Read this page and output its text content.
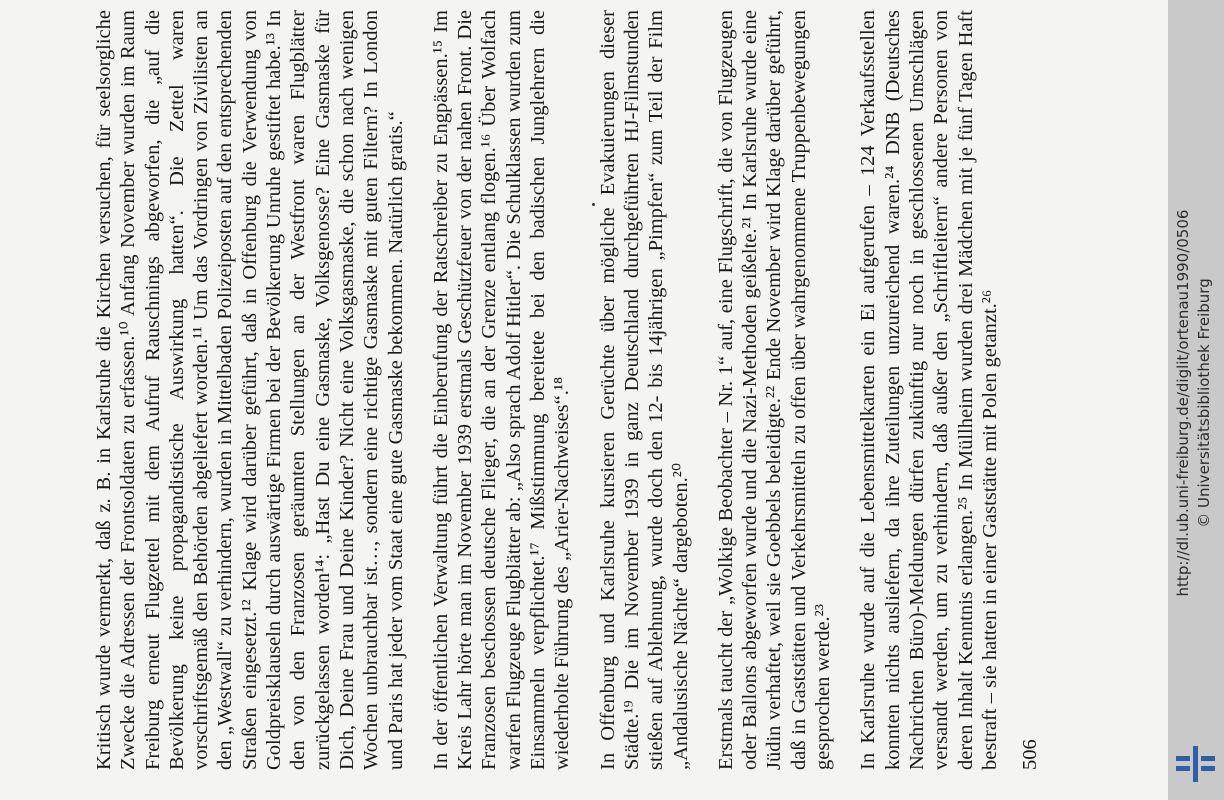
Kritisch wurde vermerkt, daß z. B. in Karlsruhe die Kirchen versuchen, für seelsorgliche Zwecke die Adressen der Frontsoldaten zu erfassen.¹⁰ Anfang November wurden im Raum Freiburg erneut Flugzettel mit dem Aufruf Rauschnings abgeworfen, die „auf die Bevölkerung keine propagandistische Auswirkung hatten“. Die Zettel waren vorschriftsgemäß den Behörden abgeliefert worden.¹¹ Um das Vordringen von Zivilisten an den „Westwall“ zu verhindern, wurden in Mittelbaden Polizeiposten auf den entsprechenden Straßen eingesetzt.¹² Klage wird darüber geführt, daß in Offenburg die Verwendung von Goldpreisklauseln durch auswärtige Firmen bei der Bevölkerung Unruhe gestiftet habe.¹³ In den von den Franzosen geräumten Stellungen an der Westfront waren Flugblätter zurückgelassen worden¹⁴: „Hast Du eine Gasmaske, Volksgenosse? Eine Gasmaske für Dich, Deine Frau und Deine Kinder? Nicht eine Volksgasmaske, die schon nach wenigen Wochen unbrauchbar ist…, sondern eine richtige Gasmaske mit guten Filtern? In London und Paris hat jeder vom Staat eine gute Gasmaske bekommen. Natürlich gratis.“ In der öffentlichen Verwaltung führt die Einberufung der Ratschreiber zu Engpässen.¹⁵ Im Kreis Lahr hörte man im November 1939 erstmals Geschützfeuer von der nahen Front. Die Franzosen beschossen deutsche Flieger, die an der Grenze entlang flogen.¹⁶ Über Wolfach warfen Flugzeuge Flugblätter ab: „Also sprach Adolf Hitler“. Die Schulklassen wurden zum Einsammeln verpflichtet.¹⁷ Mißstimmung bereitete bei den badischen Junglehrern die wiederholte Führung des „Arier-Nachweises“.¹⁸ In Offenburg und Karlsruhe kursieren Gerüchte über mögliche Evakuierungen dieser Städte.¹⁹ Die im November 1939 in ganz Deutschland durchgeführten HJ-Filmstunden stießen auf Ablehnung, wurde doch den 12- bis 14jährigen „Pimpfen“ zum Teil der Film „Andalusische Nächte“ dargeboten.²⁰ Erstmals taucht der „Wolkige Beobachter – Nr. 1“ auf, eine Flugschrift, die von Flugzeugen oder Ballons abgeworfen wurde und die Nazi-Methoden geißelte.²¹ In Karlsruhe wurde eine Jüdin verhaftet, weil sie Goebbels beleidigte.²² Ende November wird Klage darüber geführt, daß in Gaststätten und Verkehrsmitteln zu offen über wahrgenommene Truppenbewegungen gesprochen werde.²³ In Karlsruhe wurde auf die Lebensmittelkarten ein Ei aufgerufen – 124 Verkaufsstellen konnten nichts ausliefern, da ihre Zuteilungen unzureichend waren.²⁴ DNB (Deutsches Nachrichten Büro)-Meldungen dürfen zukünftig nur noch in geschlossenen Umschlägen versandt werden, um zu verhindern, daß außer den „Schriftleitern“ andere Personen von deren Inhalt Kenntnis erlangen.²⁵ In Müllheim wurden drei Mädchen mit je fünf Tagen Haft bestraft – sie hatten in einer Gaststätte mit Polen getanzt.²⁶ 506
http://dl.ub.uni-freiburg.de/diglit/ortenau1990/0506 © Universitätsbibliothek Freiburg
